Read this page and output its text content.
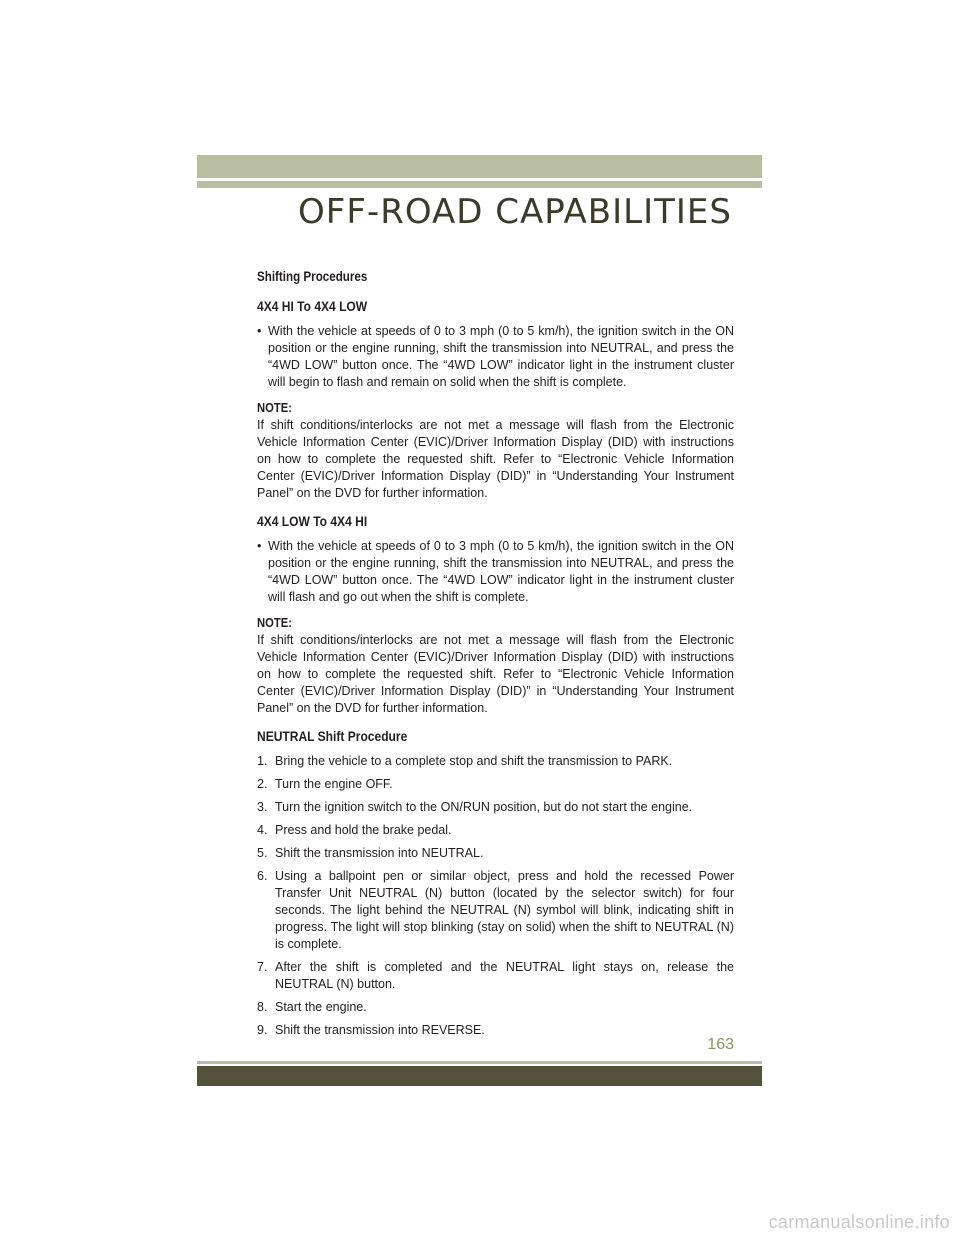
OFF-ROAD CAPABILITIES
Shifting Procedures
4X4 HI To 4X4 LOW
• With the vehicle at speeds of 0 to 3 mph (0 to 5 km/h), the ignition switch in the ON position or the engine running, shift the transmission into NEUTRAL, and press the “4WD LOW” button once. The “4WD LOW” indicator light in the instrument cluster will begin to flash and remain on solid when the shift is complete.

NOTE:

If shift conditions/interlocks are not met a message will flash from the Electronic Vehicle Information Center (EVIC)/Driver Information Display (DID) with instructions on how to complete the requested shift. Refer to “Electronic Vehicle Information Center (EVIC)/Driver Information Display (DID)” in “Understanding Your Instrument Panel” on the DVD for further information.

4X4 LOW To 4X4 HI
• With the vehicle at speeds of 0 to 3 mph (0 to 5 km/h), the ignition switch in the ON position or the engine running, shift the transmission into NEUTRAL, and press the “4WD LOW” button once. The “4WD LOW” indicator light in the instrument cluster will flash and go out when the shift is complete.

NOTE:

If shift conditions/interlocks are not met a message will flash from the Electronic Vehicle Information Center (EVIC)/Driver Information Display (DID) with instructions on how to complete the requested shift. Refer to “Electronic Vehicle Information Center (EVIC)/Driver Information Display (DID)” in “Understanding Your Instrument Panel” on the DVD for further information.

NEUTRAL Shift Procedure
1. Bring the vehicle to a complete stop and shift the transmission to PARK.
2. Turn the engine OFF.
3. Turn the ignition switch to the ON/RUN position, but do not start the engine.
4. Press and hold the brake pedal.
5. Shift the transmission into NEUTRAL.
6. Using a ballpoint pen or similar object, press and hold the recessed Power Transfer Unit NEUTRAL (N) button (located by the selector switch) for four seconds. The light behind the NEUTRAL (N) symbol will blink, indicating shift in progress. The light will stop blinking (stay on solid) when the shift to NEUTRAL (N) is complete.
7. After the shift is completed and the NEUTRAL light stays on, release the NEUTRAL (N) button.
8. Start the engine.
9. Shift the transmission into REVERSE.
163
carmanualsonline.info
